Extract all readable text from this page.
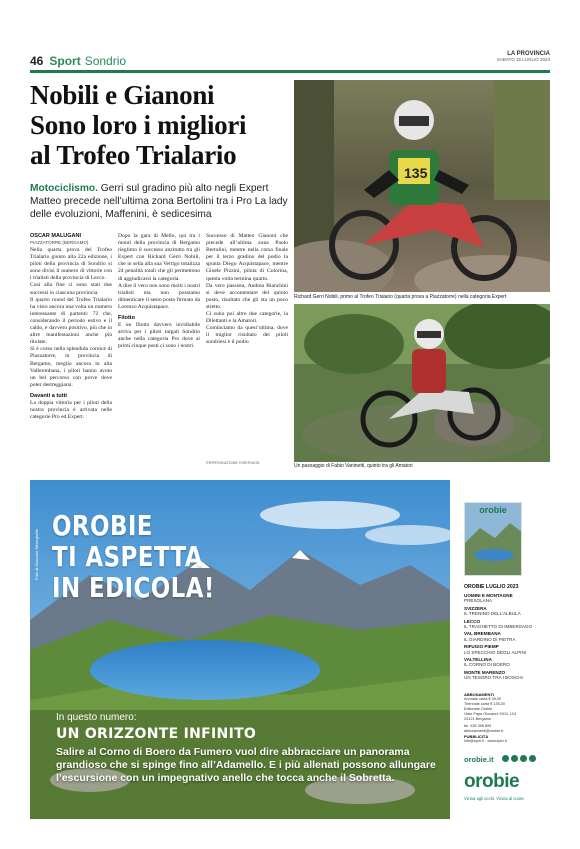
46 Sport Sondrio	LA PROVINCIA
SABATO 15 LUGLIO 2023
Nobili e Gianoni
Sono loro i migliori
al Trofeo Trialario
Motociclismo. Gerri sul gradino più alto negli Expert Matteo precede nell’ultima zona Bertolini tra i Pro La lady delle evoluzioni, Maffenini, è sedicesima
OSCAR MALUGANI
PIAZZATORRE (BERGAMO)

Nella quarta prova del Trofeo Trialario giunto alla 22a edizione, i piloti della provincia di Sondrio si sono divisi il numero di vittorie con i trialisti della provincia di Lecco.

Così alla fine ci sono stati due successi in ciascuna provincia.

Il quarto round del Trofeo Trialario ha visto ancora una volta un numero interessante di partenti: 72 che, considerando il periodo estivo e il caldo, è davvero positivo, più che in altre manifestazioni anche più titolate.

Si è corso nella splendida cornice di Piazzatorre, in provincia di Bergamo, meglio ancora in alta Valbrembana, i piloti hanno avuto un bel percorso con prove dove poter destreggiarsi.

Davanti a tutti

La doppia vittoria per i piloti della nostra provincia è arrivata nelle categorie Pro ed Expert.

Dopo la gara di Mello, qui tra i monti della provincia di Bergamo rieglimo il successo anzitutto tra gli Expert con Richard Gerri Nobili, che in sella alla sua Vertigo totalizza 24 penalità totali che gli permettono di aggiudicarsi la categoria.

A dire il vero non sono molti i nostri trialisti ma non possiamo dimenticare il sesto posto firmato da Lorenzo Acquistapace.

Filotto

E un filotto davvero invidiabile arriva per i piloti targati Sondrio anche nella categoria Pro dove ai primi cinque posti ci sono i nostri.

Successo di Matteo Gianoni che precede all’ultima zona Paolo Bertolini, mentre nella corsa finale per il terzo gradino del podio la spunta Diego Acquistapace, mentre Gioele Pizzini, pilota di Colorina, questa volta termina quarto.

Da vero passista, Andrea Bianchini si deve accontentare del quinto posto, risultato che gli sta un poco stretto.

Ci sono poi altre due categorie, la Dilettanti e la Amatori.

Cominciamo da quest’ultima, dove il miglior risultato dei piloti sondriesi è il podio

©RIPRODUZIONE RISERVATA
135
Richard Gerri Nobili, primo al Trofeo Trialario (quarta prova a Piazzatorre) nella categoria Expert
Un passaggio di Fabio Vaninetti, quinto tra gli Amatori
Foto di Giacomo Meneghello
OROBIE
TI ASPETTA
IN EDICOLA!
In questo numero:
UN ORIZZONTE INFINITO
Salire al Corno di Boero da Fumero vuol dire abbracciare un panorama grandioso che si spinge fino all’Adamello. E i più allenati possono allungare l’escursione con un impegnativo anello che tocca anche il Sobretta.
orobie
OROBIE LUGLIO 2023
UOMINI E MONTAGNE
PRESOLANA
SVIZZERA
IL TRENINO DELL’ALBULA
LECCO
IL TRAGHETTO DI IMBERSAGO
VAL BREMBANA
IL GIARDINO DI PIETRA
RIFUGIO PIEMP
LO SPECCHIO DEGLI ALPINI
VALTELLINA
IL CORNO DI BOERO
MONTE MARENZO
UN TESORO TRA I BOSCHI
ABBONAMENTI
Annuale carta € 49,00
Triennale carta € 135,00
Editoriale Orobie
Viale Papa Giovanni XXIII, 124
24121 Bergamo
tel. 035 358 899
abbonamenti@orobie.it
PUBBLICITÀ
info@spm.it - www.spm.it
orobie.it
orobie
Vicina agli occhi. Vicina al cuore.
